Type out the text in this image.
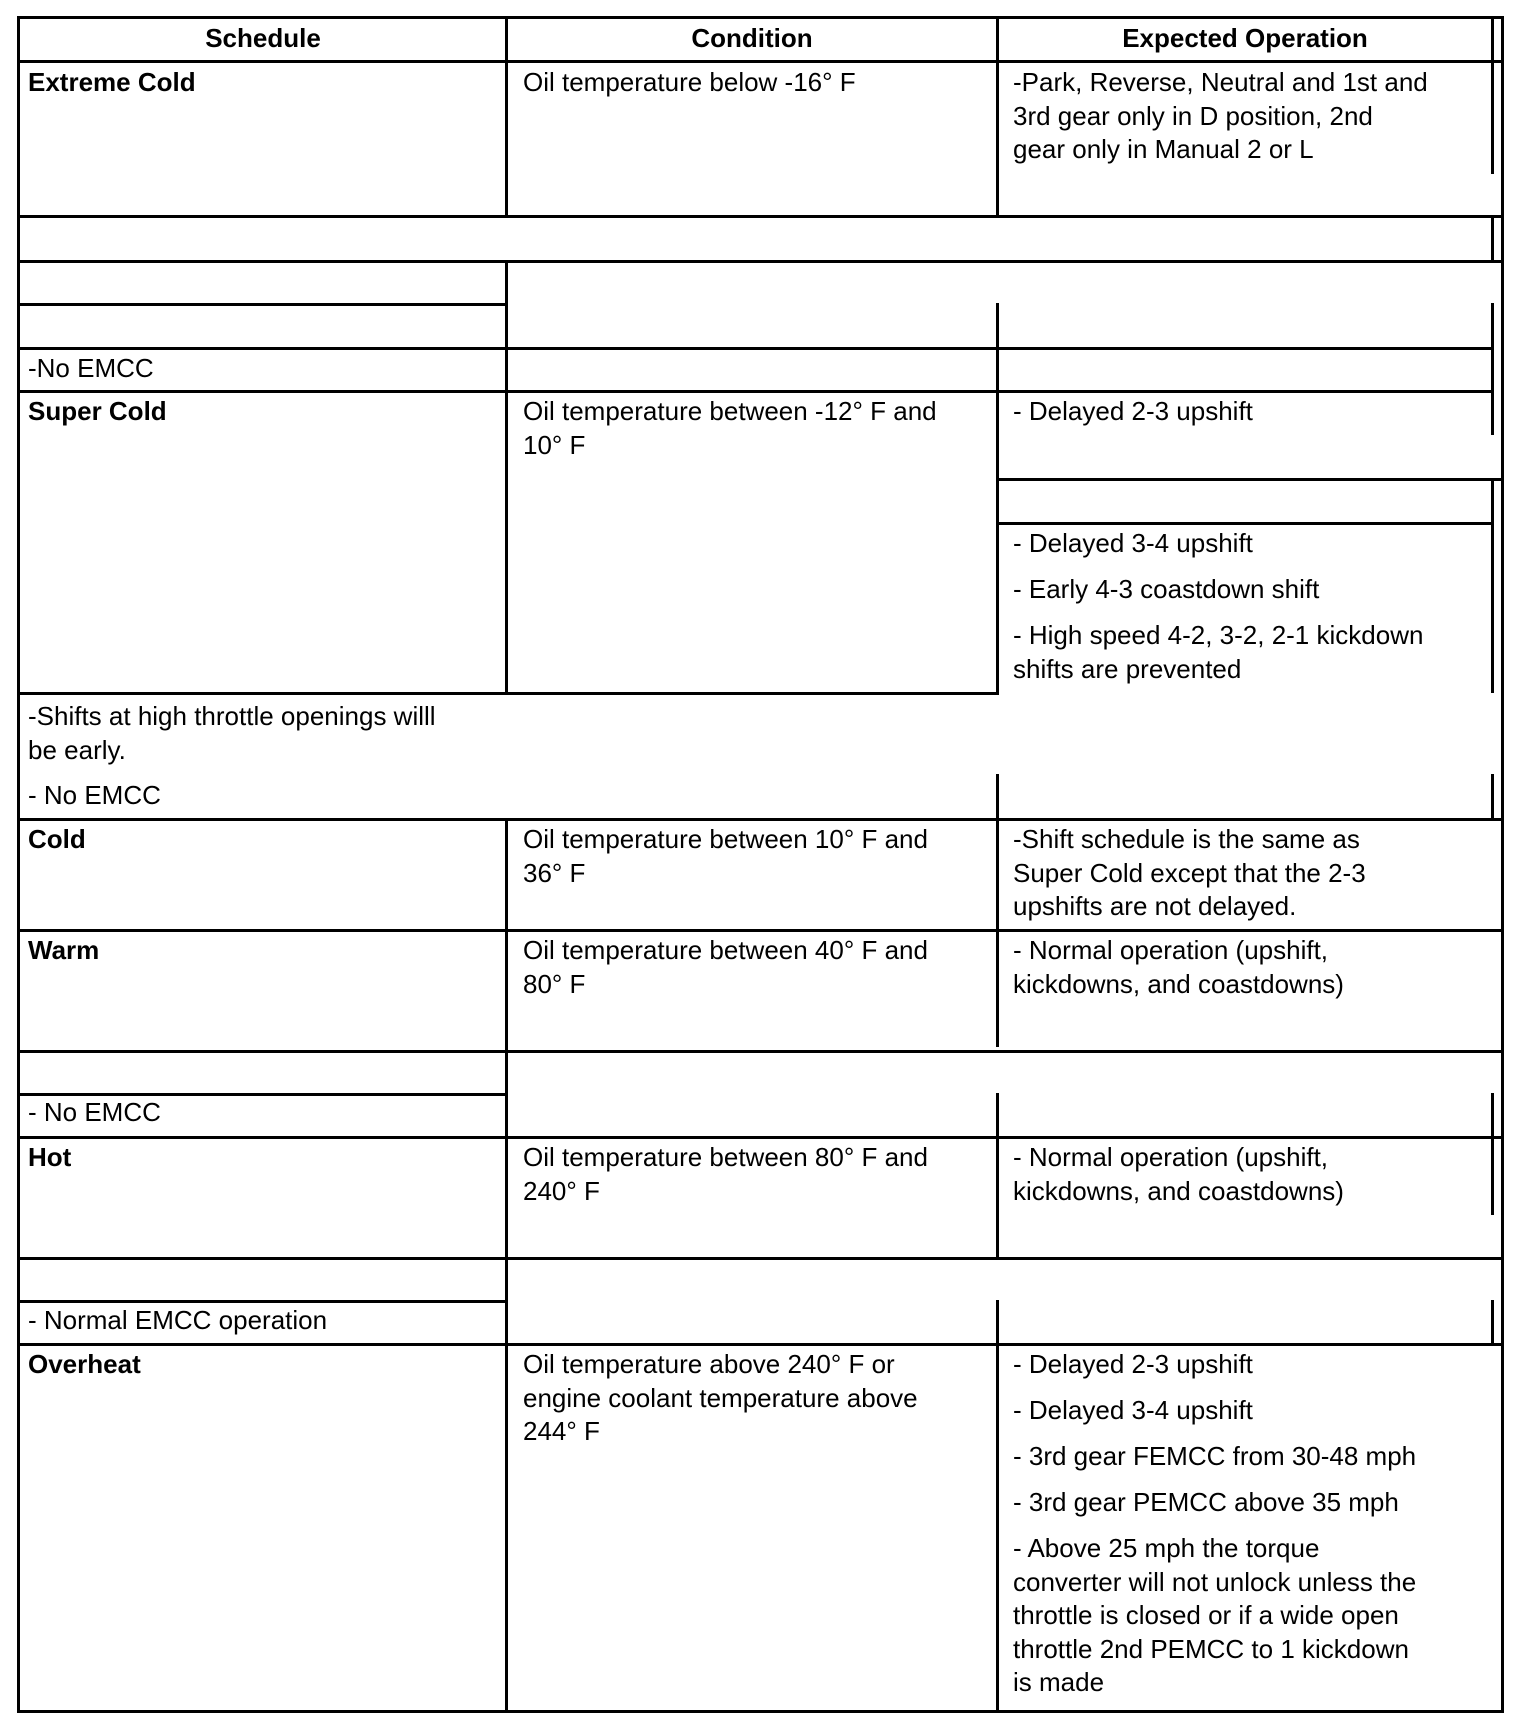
Schedule	Condition	Expected Operation
Extreme Cold	Oil temperature below -16° F	-Park, Reverse, Neutral and 1st and
3rd gear only in D position, 2nd
gear only in Manual 2 or L
-No EMCC
Super Cold	Oil temperature between -12° F and
10° F
- Delayed 2-3 upshift
- Delayed 3-4 upshift
- Early 4-3 coastdown shift
- High speed 4-2, 3-2, 2-1 kickdown
shifts are prevented
-Shifts at high throttle openings willl
be early.
- No EMCC
Cold	Oil temperature between 10° F and
36° F
-Shift schedule is the same as
Super Cold except that the 2-3
upshifts are not delayed.
Warm	Oil temperature between 40° F and
80° F
- Normal operation (upshift,
kickdowns, and coastdowns)
- No EMCC
Hot	Oil temperature between 80° F and
240° F
- Normal operation (upshift,
kickdowns, and coastdowns)
- Normal EMCC operation
Overheat	Oil temperature above 240° F or
engine coolant temperature above
244° F
- Delayed 2-3 upshift
- Delayed 3-4 upshift
- 3rd gear FEMCC from 30-48 mph
- 3rd gear PEMCC above 35 mph
- Above 25 mph the torque
converter will not unlock unless the
throttle is closed or if a wide open
throttle 2nd PEMCC to 1 kickdown
is made
